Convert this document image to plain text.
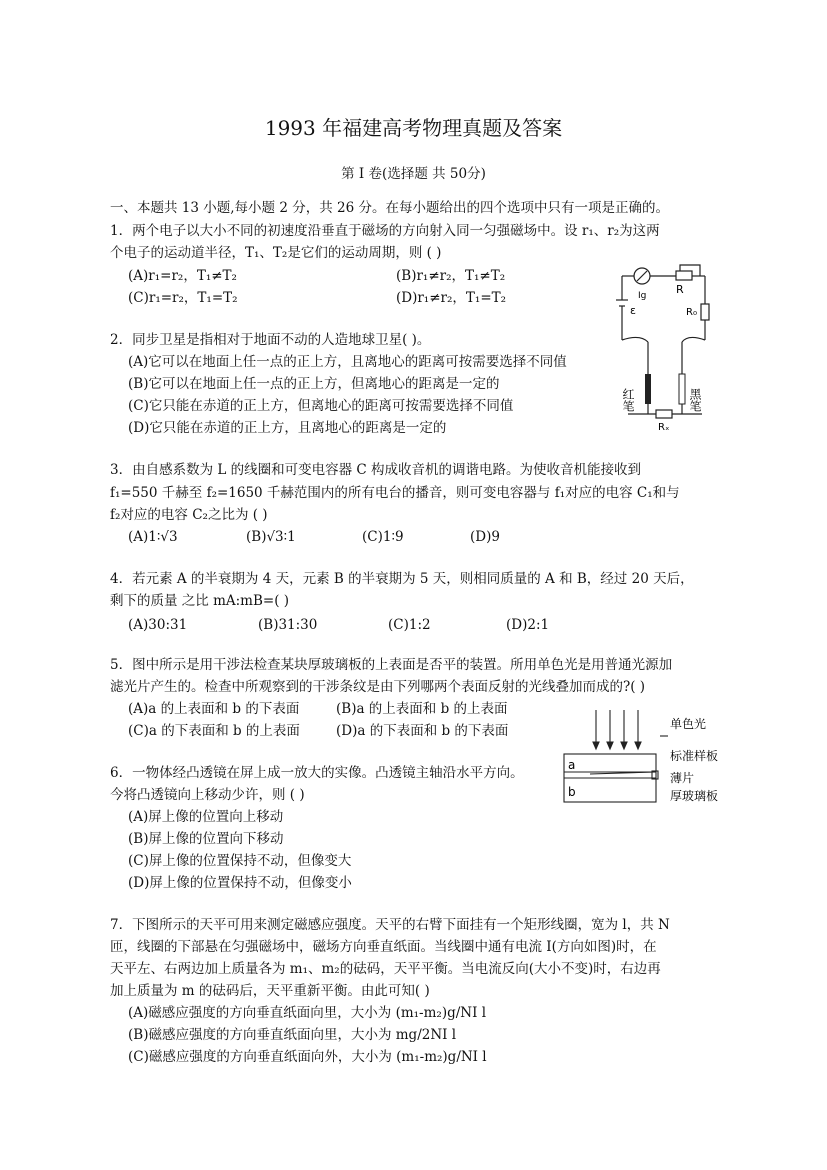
1993 年福建高考物理真题及答案
第 I 卷(选择题 共 50分)
一、本题共 13 小题,每小题 2 分，共 26 分。在每小题给出的四个选项中只有一项是正确的。
1．两个电子以大小不同的初速度沿垂直于磁场的方向射入同一匀强磁场中。设 r₁、r₂为这两
个电子的运动道半径，T₁、T₂是它们的运动周期，则 ( )
(A)r₁=r₂，T₁≠T₂	(B)r₁≠r₂，T₁≠T₂
(C)r₁=r₂，T₁=T₂	(D)r₁≠r₂，T₁=T₂
2．同步卫星是指相对于地面不动的人造地球卫星( )。
(A)它可以在地面上任一点的正上方，且离地心的距离可按需要选择不同值
(B)它可以在地面上任一点的正上方，但离地心的距离是一定的
(C)它只能在赤道的正上方，但离地心的距离可按需要选择不同值
(D)它只能在赤道的正上方，且离地心的距离是一定的
Ig	R
R₀
ε
红笔	黑笔
Rₓ
3．由自感系数为 L 的线圈和可变电容器 C 构成收音机的调谐电路。为使收音机能接收到
f₁=550 千赫至 f₂=1650 千赫范围内的所有电台的播音，则可变电容器与 f₁对应的电容 C₁和与
f₂对应的电容 C₂之比为 ( )
(A)1∶√3	(B)√3∶1	(C)1∶9	(D)9
4．若元素 A 的半衰期为 4 天，元素 B 的半衰期为 5 天，则相同质量的 A 和 B，经过 20 天后，
剩下的质量 之比 mA:mB=( )
(A)30:31	(B)31:30	(C)1:2	(D)2:1
5．图中所示是用干涉法检查某块厚玻璃板的上表面是否平的装置。所用单色光是用普通光源加
滤光片产生的。检查中所观察到的干涉条纹是由下列哪两个表面反射的光线叠加而成的?( )
(A)a 的上表面和 b 的下表面	(B)a 的上表面和 b 的上表面
(C)a 的下表面和 b 的上表面	(D)a 的下表面和 b 的下表面
a
b
单色光
标准样板
薄片
厚玻璃板
6．一物体经凸透镜在屏上成一放大的实像。凸透镜主轴沿水平方向。
今将凸透镜向上移动少许，则 ( )
(A)屏上像的位置向上移动
(B)屏上像的位置向下移动
(C)屏上像的位置保持不动，但像变大
(D)屏上像的位置保持不动，但像变小
7．下图所示的天平可用来测定磁感应强度。天平的右臂下面挂有一个矩形线圈，宽为 l，共 N
匝，线圈的下部悬在匀强磁场中，磁场方向垂直纸面。当线圈中通有电流 I(方向如图)时，在
天平左、右两边加上质量各为 m₁、m₂的砝码，天平平衡。当电流反向(大小不变)时，右边再
加上质量为 m 的砝码后，天平重新平衡。由此可知( )
(A)磁感应强度的方向垂直纸面向里，大小为 (m₁-m₂)g/NI l
(B)磁感应强度的方向垂直纸面向里，大小为 mg/2NI l
(C)磁感应强度的方向垂直纸面向外，大小为 (m₁-m₂)g/NI l
